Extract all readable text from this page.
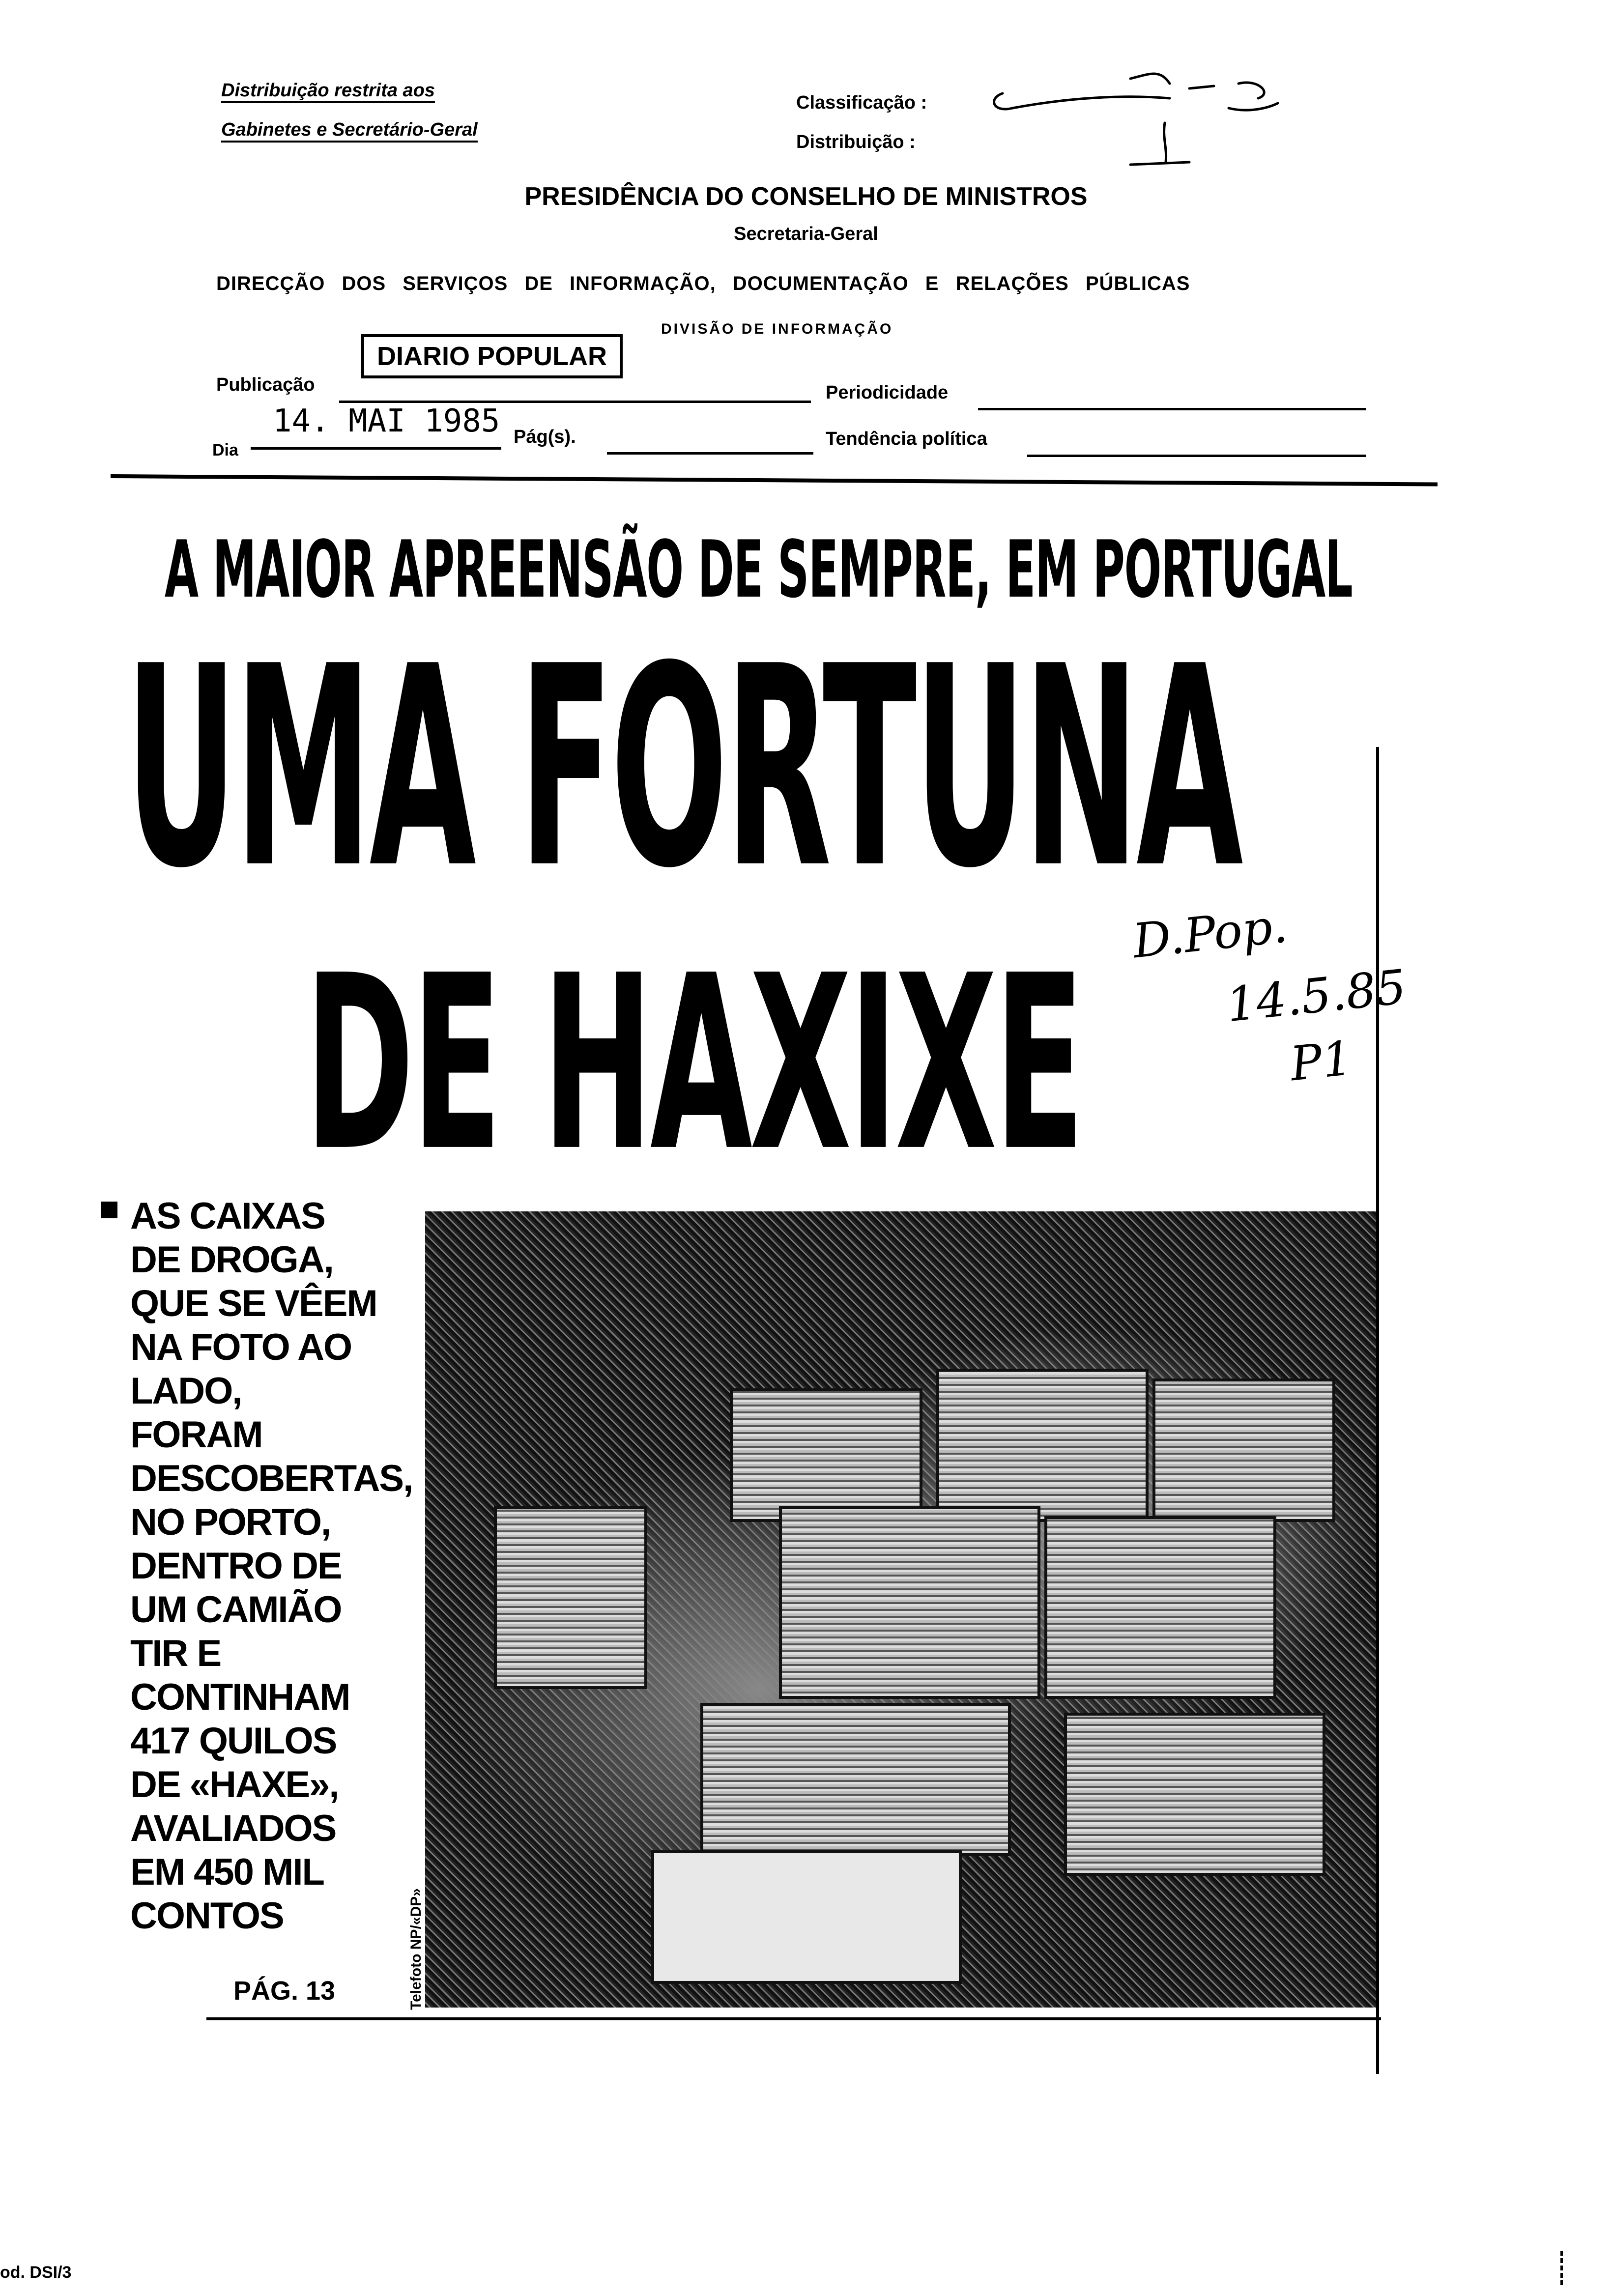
Distribuição restrita aos
Gabinetes e Secretário-Geral
Classificação :
Distribuição :
PRESIDÊNCIA DO CONSELHO DE MINISTROS
Secretaria-Geral
DIRECÇÃO DOS SERVIÇOS DE INFORMAÇÃO, DOCUMENTAÇÃO E RELAÇÕES PÚBLICAS
DIVISÃO DE INFORMAÇÃO
Publicação
DIARIO POPULAR
Periodicidade
Dia
14. MAI 1985 Pág(s).	Tendência política
A MAIOR APREENSÃO DE SEMPRE, EM PORTUGAL
UMA FORTUNA
DE HAXIXE
AS CAIXAS
DE DROGA,
QUE SE VÊEM
NA FOTO AO
LADO,
FORAM
DESCOBERTAS,
NO PORTO,
DENTRO DE
UM CAMIÃO
TIR E
CONTINHAM
417 QUILOS
DE «HAXE»,
AVALIADOS
EM 450 MIL
CONTOS
PÁG. 13	Telefoto NP/«DP»
D.Pop.
14.5.85
P1
od. DSI/3
